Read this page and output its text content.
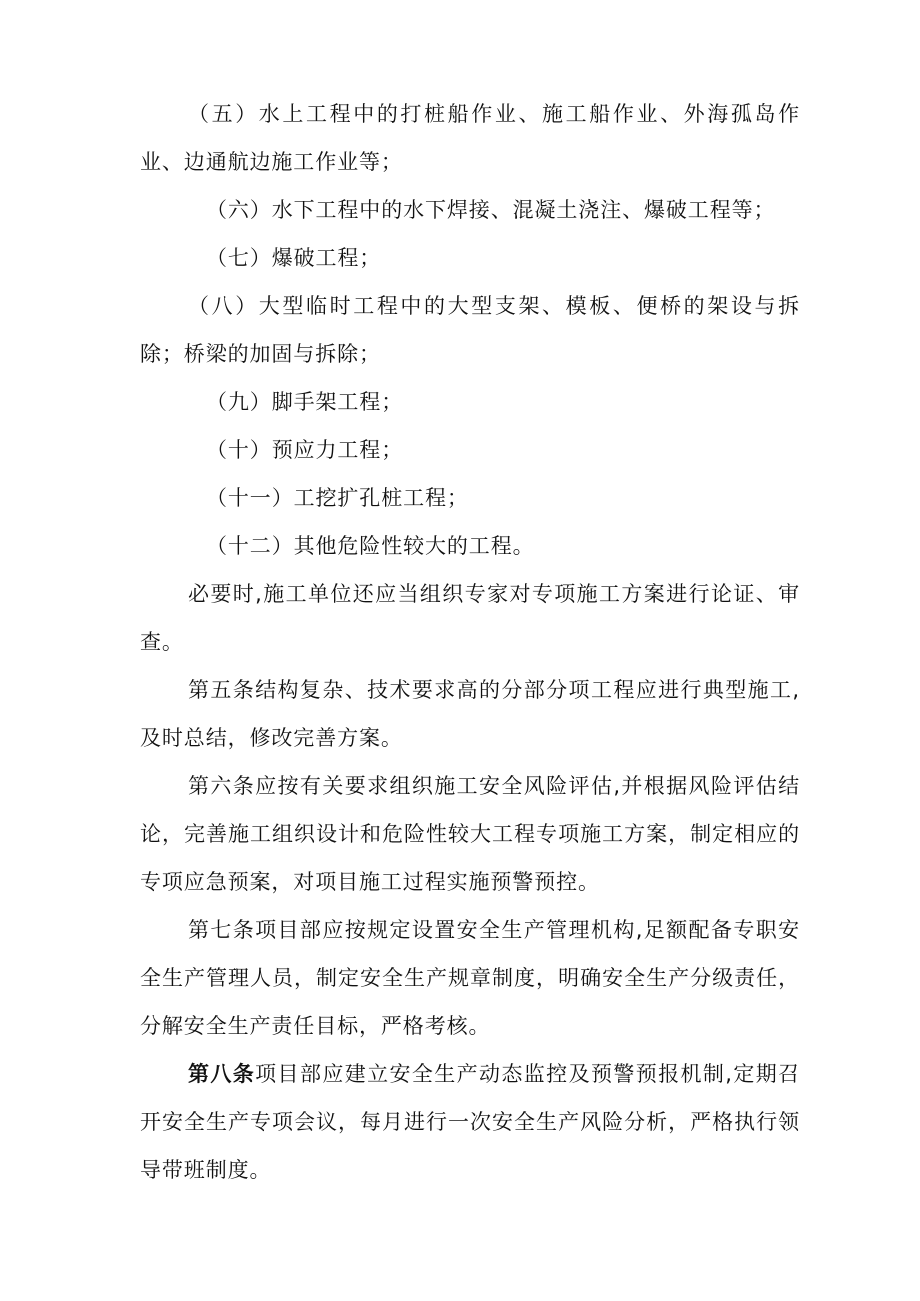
（五）水上工程中的打桩船作业、施工船作业、外海孤岛作业、边通航边施工作业等；

（六）水下工程中的水下焊接、混凝土浇注、爆破工程等；

（七）爆破工程；

（八）大型临时工程中的大型支架、模板、便桥的架设与拆除；桥梁的加固与拆除；

（九）脚手架工程；

（十）预应力工程；

（十一）工挖扩孔桩工程；

（十二）其他危险性较大的工程。

必要时,施工单位还应当组织专家对专项施工方案进行论证、审查。

第五条结构复杂、技术要求高的分部分项工程应进行典型施工,及时总结，修改完善方案。

第六条应按有关要求组织施工安全风险评估,并根据风险评估结论，完善施工组织设计和危险性较大工程专项施工方案，制定相应的专项应急预案，对项目施工过程实施预警预控。

第七条项目部应按规定设置安全生产管理机构,足额配备专职安全生产管理人员，制定安全生产规章制度，明确安全生产分级责任，分解安全生产责任目标，严格考核。

第八条项目部应建立安全生产动态监控及预警预报机制,定期召开安全生产专项会议，每月进行一次安全生产风险分析，严格执行领导带班制度。
